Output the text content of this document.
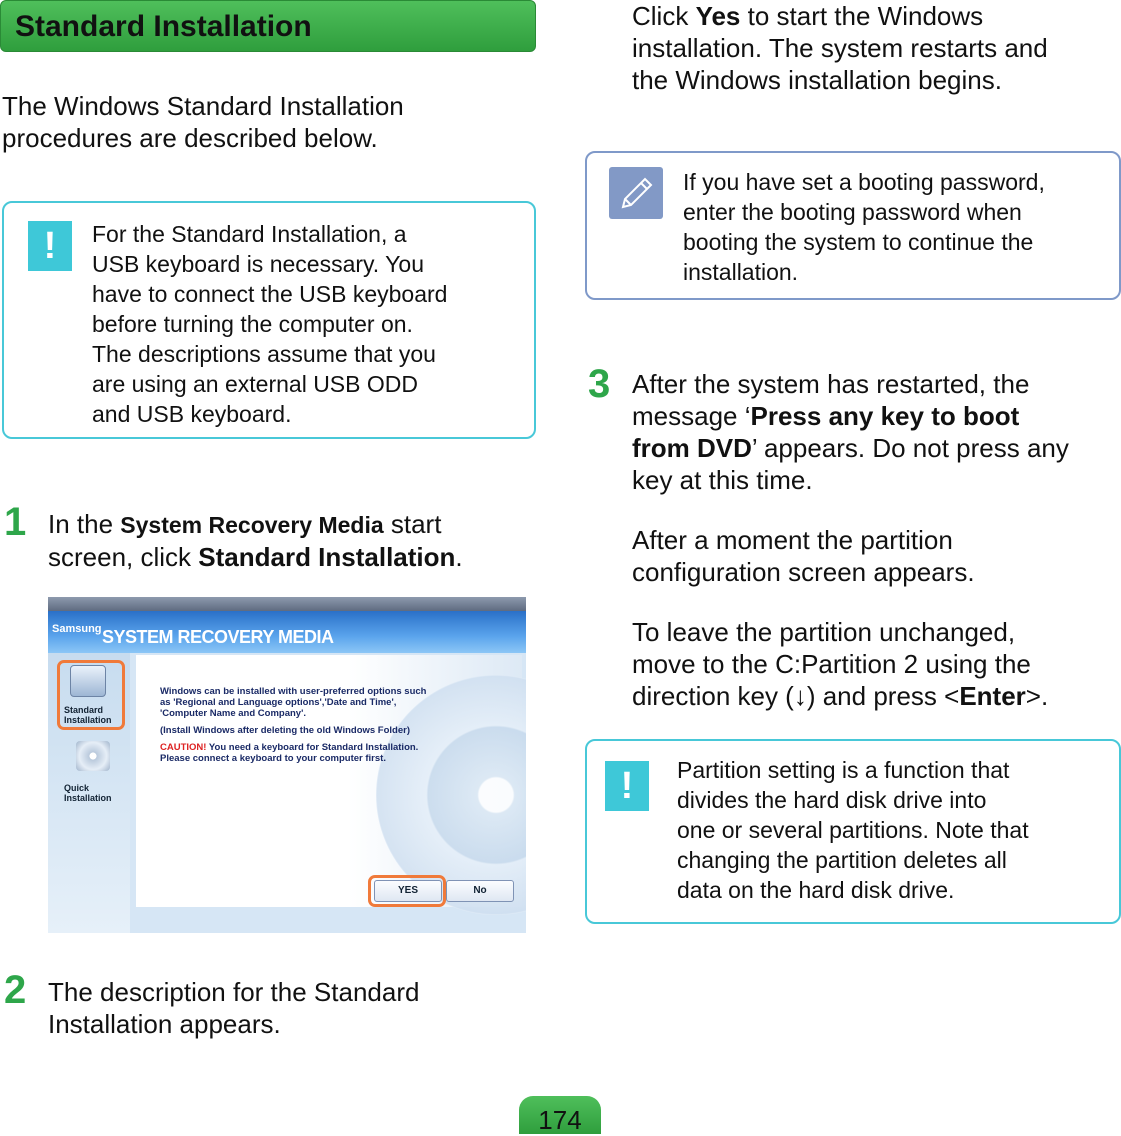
Standard Installation
The Windows Standard Installation
procedures are described below.
!	For the Standard Installation, a
USB keyboard is necessary. You
have to connect the USB keyboard
before turning the computer on.
The descriptions assume that you
are using an external USB ODD
and USB keyboard.
1 In the System Recovery Media start
screen, click Standard Installation.
Samsung SYSTEM RECOVERY MEDIA
Standard
Installation
Quick
Installation
Windows can be installed with user-preferred options such
as 'Regional and Language options','Date and Time',
'Computer Name and Company'.
(Install Windows after deleting the old Windows Folder)
CAUTION! You need a keyboard for Standard Installation.
Please connect a keyboard to your computer first.
YES	No
2 The description for the Standard
Installation appears.
Click Yes to start the Windows
installation. The system restarts and
the Windows installation begins.
If you have set a booting password,
enter the booting password when
booting the system to continue the
installation.
3 After the system has restarted, the
message ‘Press any key to boot
from DVD’ appears. Do not press any
key at this time.
After a moment the partition
configuration screen appears.
To leave the partition unchanged,
move to the C:Partition 2 using the
direction key (↓) and press <Enter>.
!	Partition setting is a function that
divides the hard disk drive into
one or several partitions. Note that
changing the partition deletes all
data on the hard disk drive.
174
